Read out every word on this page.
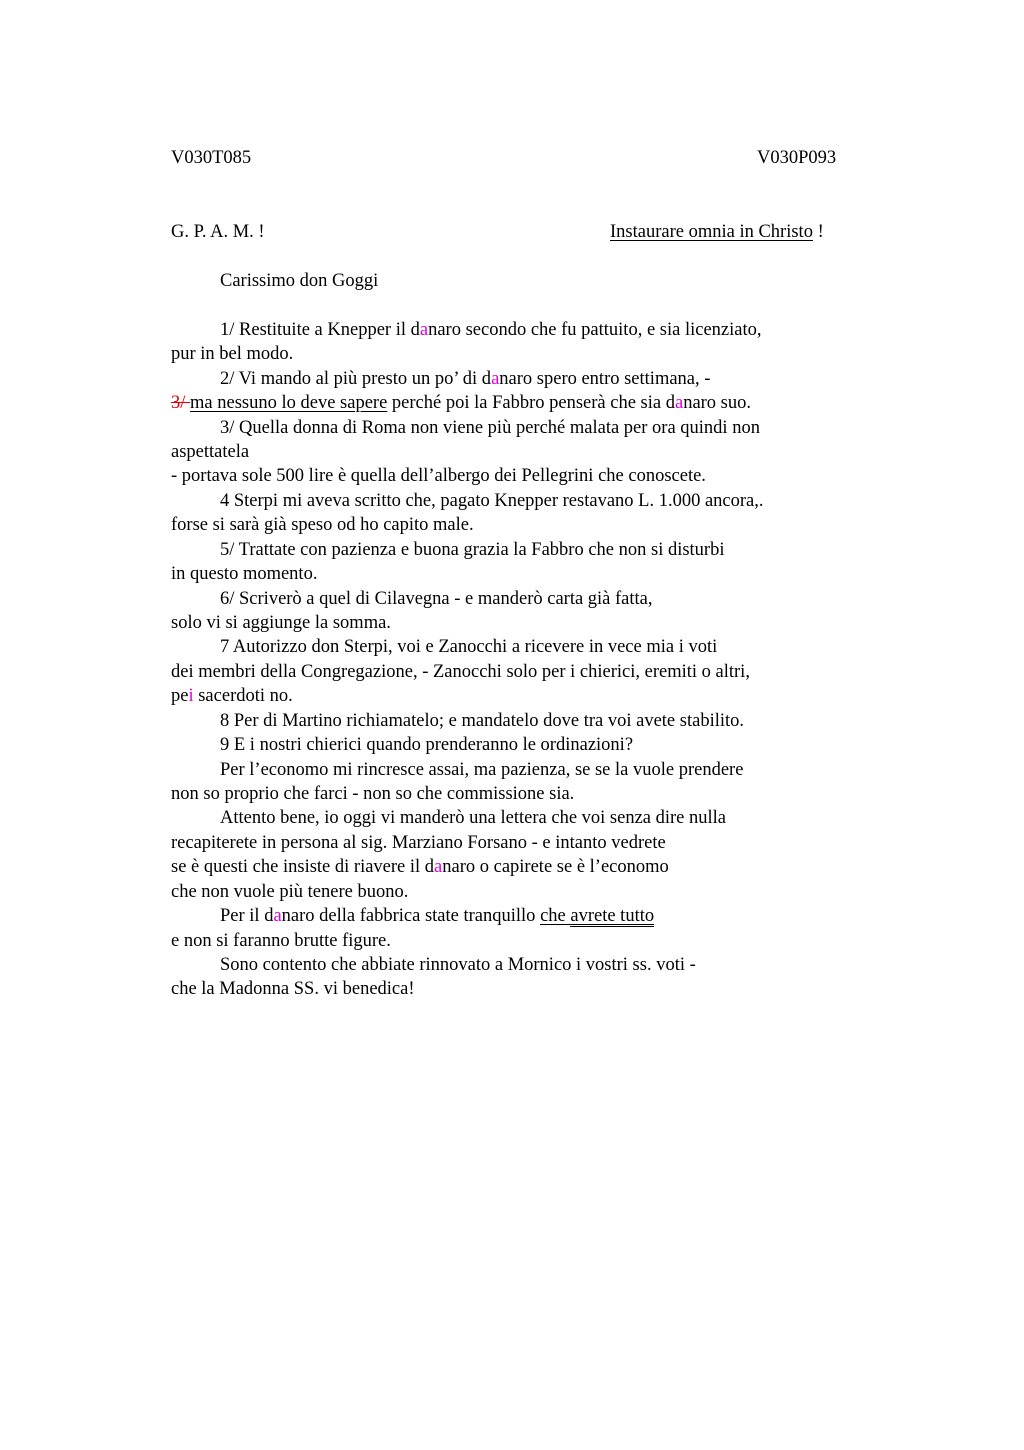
V030T085	V030P093
G. P. A. M. !	Instaurare omnia in Christo !
Carissimo don Goggi
1/ Restituite a Knepper il danaro secondo che fu pattuito, e sia licenziato,
pur in bel modo.
2/ Vi mando al più presto un po’ di danaro spero entro settimana, -
3/ ma nessuno lo deve sapere perché poi la Fabbro penserà che sia danaro suo.
3/ Quella donna di Roma non viene più perché malata per ora quindi non
aspettatela
- portava sole 500 lire è quella dell’albergo dei Pellegrini che conoscete.
4 Sterpi mi aveva scritto che, pagato Knepper restavano L. 1.000 ancora,.
forse si sarà già speso od ho capito male.
5/ Trattate con pazienza e buona grazia la Fabbro che non si disturbi
in questo momento.
6/ Scriverò a quel di Cilavegna - e manderò carta già fatta,
solo vi si aggiunge la somma.
7 Autorizzo don Sterpi, voi e Zanocchi a ricevere in vece mia i voti
dei membri della Congregazione, - Zanocchi solo per i chierici, eremiti o altri,
pei sacerdoti no.
8 Per di Martino richiamatelo; e mandatelo dove tra voi avete stabilito.
9 E i nostri chierici quando prenderanno le ordinazioni?
Per l’economo mi rincresce assai, ma pazienza, se se la vuole prendere
non so proprio che farci - non so che commissione sia.
Attento bene, io oggi vi manderò una lettera che voi senza dire nulla
recapiterete in persona al sig. Marziano Forsano - e intanto vedrete
se è questi che insiste di riavere il danaro o capirete se è l’economo
che non vuole più tenere buono.
Per il danaro della fabbrica state tranquillo che avrete tutto
e non si faranno brutte figure.
Sono contento che abbiate rinnovato a Mornico i vostri ss. voti -
che la Madonna SS. vi benedica!
